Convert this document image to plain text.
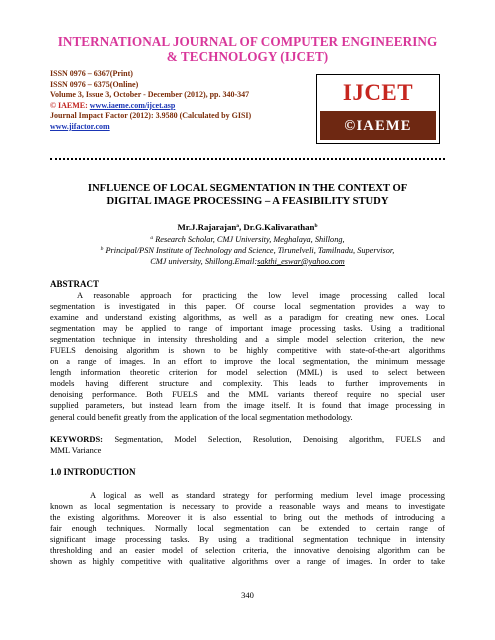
INTERNATIONAL JOURNAL OF COMPUTER ENGINEERING
& TECHNOLOGY (IJCET)
ISSN 0976 – 6367(Print)
ISSN 0976 – 6375(Online)
Volume 3, Issue 3, October - December (2012), pp. 340-347
© IAEME: www.iaeme.com/ijcet.asp
Journal Impact Factor (2012): 3.9580 (Calculated by GISI)
www.jifactor.com
IJCET
©IAEME
INFLUENCE OF LOCAL SEGMENTATION IN THE CONTEXT OF
DIGITAL IMAGE PROCESSING – A FEASIBILITY STUDY
Mr.J.Rajarajan$^a$, Dr.G.Kalivarathan$^b$
$^a$ Research Scholar, CMJ University, Meghalaya, Shillong,
$^b$ Principal/PSN Institute of Technology and Science, Tirunelveli, Tamilnadu, Supervisor,
CMJ university, Shillong.Email:sakthi_eswar@yahoo.com
ABSTRACT
A reasonable approach for practicing the low level image processing called local
segmentation is investigated in this paper. Of course local segmentation provides a way to
examine and understand existing algorithms, as well as a paradigm for creating new ones. Local
segmentation may be applied to range of important image processing tasks. Using a traditional
segmentation technique in intensity thresholding and a simple model selection criterion, the new
FUELS denoising algorithm is shown to be highly competitive with state-of-the-art algorithms
on a range of images. In an effort to improve the local segmentation, the minimum message
length information theoretic criterion for model selection (MML) is used to select between
models having different structure and complexity. This leads to further improvements in
denoising performance. Both FUELS and the MML variants thereof require no special user
supplied parameters, but instead learn from the image itself. It is found that image processing in
general could benefit greatly from the application of the local segmentation methodology.
KEYWORDS: Segmentation, Model Selection, Resolution, Denoising algorithm, FUELS and
MML Variance
1.0 INTRODUCTION
A logical as well as standard strategy for performing medium level image processing
known as local segmentation is necessary to provide a reasonable ways and means to investigate
the existing algorithms. Moreover it is also essential to bring out the methods of introducing a
fair enough techniques. Normally local segmentation can be extended to certain range of
significant image processing tasks. By using a traditional segmentation technique in intensity
thresholding and an easier model of selection criteria, the innovative denoising algorithm can be
shown as highly competitive with qualitative algorithms over a range of images. In order to take
340
